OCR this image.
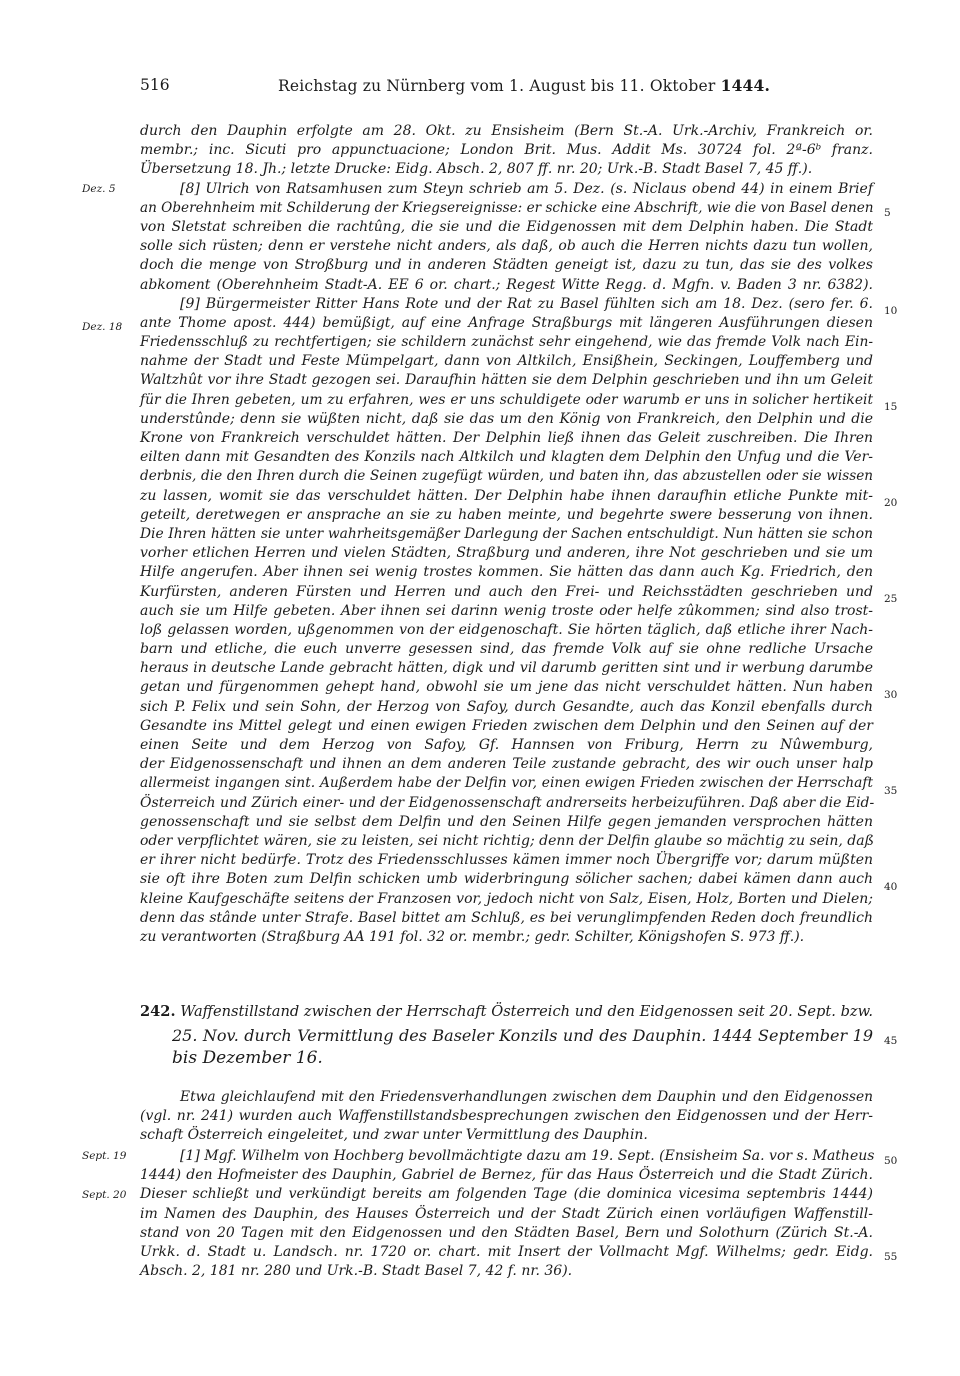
516	Reichstag zu Nürnberg vom 1. August bis 11. Oktober 1444.
Dez. 5
Dez. 18
Sept. 19
Sept. 20
5
10
15
20
25
30
35
40
45
50
55
durch den Dauphin erfolgte am 28. Okt. zu Ensisheim (Bern St.-A. Urk.-Archiv, Frankreich or.
membr.; inc. Sicuti pro appunctuacione; London Brit. Mus. Addit Ms. 30724 fol. 2ª-6ᵇ franz.
Übersetzung 18. Jh.; letzte Drucke: Eidg. Absch. 2, 807 ff. nr. 20; Urk.-B. Stadt Basel 7, 45 ff.).
[8] Ulrich von Ratsamhusen zum Steyn schrieb am 5. Dez. (s. Niclaus obend 44) in einem Brief
an Oberehnheim mit Schilderung der Kriegsereignisse: er schicke eine Abschrift, wie die von Basel denen
von Sletstat schreiben die rachtûng, die sie und die Eidgenossen mit dem Delphin haben. Die Stadt
solle sich rüsten; denn er verstehe nicht anders, als daß, ob auch die Herren nichts dazu tun wollen,
doch die menge von Stroßburg und in anderen Städten geneigt ist, dazu zu tun, das sie des volkes
abkoment (Oberehnheim Stadt-A. EE 6 or. chart.; Regest Witte Regg. d. Mgfn. v. Baden 3 nr. 6382).
[9] Bürgermeister Ritter Hans Rote und der Rat zu Basel fühlten sich am 18. Dez. (sero fer. 6.
ante Thome apost. 444) bemüßigt, auf eine Anfrage Straßburgs mit längeren Ausführungen diesen
Friedensschluß zu rechtfertigen; sie schildern zunächst sehr eingehend, wie das fremde Volk nach Ein-
nahme der Stadt und Feste Mümpelgart, dann von Altkilch, Ensißhein, Seckingen, Louffemberg und
Waltzhût vor ihre Stadt gezogen sei. Daraufhin hätten sie dem Delphin geschrieben und ihn um Geleit
für die Ihren gebeten, um zu erfahren, wes er uns schuldigete oder warumb er uns in solicher hertikeit
understûnde; denn sie wüßten nicht, daß sie das um den König von Frankreich, den Delphin und die
Krone von Frankreich verschuldet hätten. Der Delphin ließ ihnen das Geleit zuschreiben. Die Ihren
eilten dann mit Gesandten des Konzils nach Altkilch und klagten dem Delphin den Unfug und die Ver-
derbnis, die den Ihren durch die Seinen zugefügt würden, und baten ihn, das abzustellen oder sie wissen
zu lassen, womit sie das verschuldet hätten. Der Delphin habe ihnen daraufhin etliche Punkte mit-
geteilt, deretwegen er ansprache an sie zu haben meinte, und begehrte swere besserung von ihnen.
Die Ihren hätten sie unter wahrheitsgemäßer Darlegung der Sachen entschuldigt. Nun hätten sie schon
vorher etlichen Herren und vielen Städten, Straßburg und anderen, ihre Not geschrieben und sie um
Hilfe angerufen. Aber ihnen sei wenig trostes kommen. Sie hätten das dann auch Kg. Friedrich, den
Kurfürsten, anderen Fürsten und Herren und auch den Frei- und Reichsstädten geschrieben und
auch sie um Hilfe gebeten. Aber ihnen sei darinn wenig troste oder helfe zûkommen; sind also trost-
loß gelassen worden, ußgenommen von der eidgenoschaft. Sie hörten täglich, daß etliche ihrer Nach-
barn und etliche, die euch unverre gesessen sind, das fremde Volk auf sie ohne redliche Ursache
heraus in deutsche Lande gebracht hätten, digk und vil darumb geritten sint und ir werbung darumbe
getan und fürgenommen gehept hand, obwohl sie um jene das nicht verschuldet hätten. Nun haben
sich P. Felix und sein Sohn, der Herzog von Safoy, durch Gesandte, auch das Konzil ebenfalls durch
Gesandte ins Mittel gelegt und einen ewigen Frieden zwischen dem Delphin und den Seinen auf der
einen Seite und dem Herzog von Safoy, Gf. Hannsen von Friburg, Herrn zu Nûwemburg,
der Eidgenossenschaft und ihnen an dem anderen Teile zustande gebracht, des wir ouch unser halp
allermeist ingangen sint. Außerdem habe der Delfin vor, einen ewigen Frieden zwischen der Herrschaft
Österreich und Zürich einer- und der Eidgenossenschaft andrerseits herbeizuführen. Daß aber die Eid-
genossenschaft und sie selbst dem Delfin und den Seinen Hilfe gegen jemanden versprochen hätten
oder verpflichtet wären, sie zu leisten, sei nicht richtig; denn der Delfin glaube so mächtig zu sein, daß
er ihrer nicht bedürfe. Trotz des Friedensschlusses kämen immer noch Übergriffe vor; darum müßten
sie oft ihre Boten zum Delfin schicken umb widerbringung sölicher sachen; dabei kämen dann auch
kleine Kaufgeschäfte seitens der Franzosen vor, jedoch nicht von Salz, Eisen, Holz, Borten und Dielen;
denn das stânde unter Strafe. Basel bittet am Schluß, es bei verunglimpfenden Reden doch freundlich
zu verantworten (Straßburg AA 191 fol. 32 or. membr.; gedr. Schilter, Königshofen S. 973 ff.).
242. Waffenstillstand zwischen der Herrschaft Österreich und den Eidgenossen seit 20. Sept. bzw.
25. Nov. durch Vermittlung des Baseler Konzils und des Dauphin. 1444 September 19
bis Dezember 16.
Etwa gleichlaufend mit den Friedensverhandlungen zwischen dem Dauphin und den Eidgenossen
(vgl. nr. 241) wurden auch Waffenstillstandsbesprechungen zwischen den Eidgenossen und der Herr-
schaft Österreich eingeleitet, und zwar unter Vermittlung des Dauphin.
[1] Mgf. Wilhelm von Hochberg bevollmächtigte dazu am 19. Sept. (Ensisheim Sa. vor s. Matheus
1444) den Hofmeister des Dauphin, Gabriel de Bernez, für das Haus Österreich und die Stadt Zürich.
Dieser schließt und verkündigt bereits am folgenden Tage (die dominica vicesima septembris 1444)
im Namen des Dauphin, des Hauses Österreich und der Stadt Zürich einen vorläufigen Waffenstill-
stand von 20 Tagen mit den Eidgenossen und den Städten Basel, Bern und Solothurn (Zürich St.-A.
Urkk. d. Stadt u. Landsch. nr. 1720 or. chart. mit Insert der Vollmacht Mgf. Wilhelms; gedr. Eidg.
Absch. 2, 181 nr. 280 und Urk.-B. Stadt Basel 7, 42 f. nr. 36).
